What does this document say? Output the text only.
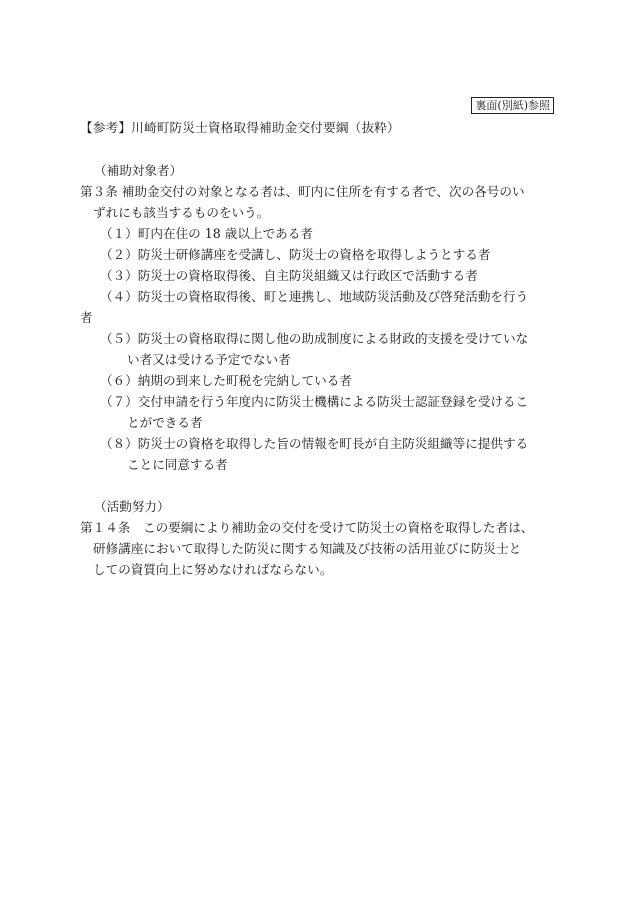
裏面(別紙)参照
【参考】川崎町防災士資格取得補助金交付要綱（抜粋）
（補助対象者）
第３条 補助金交付の対象となる者は、町内に住所を有する者で、次の各号のい
ずれにも該当するものをいう。
（１）町内在住の 18 歳以上である者
（２）防災士研修講座を受講し、防災士の資格を取得しようとする者
（３）防災士の資格取得後、自主防災組織又は行政区で活動する者
（４）防災士の資格取得後、町と連携し、地域防災活動及び啓発活動を行う
者
（５）防災士の資格取得に関し他の助成制度による財政的支援を受けていな
い者又は受ける予定でない者
（６）納期の到来した町税を完納している者
（７）交付申請を行う年度内に防災士機構による防災士認証登録を受けるこ
とができる者
（８）防災士の資格を取得した旨の情報を町長が自主防災組織等に提供する
ことに同意する者
（活動努力）
第１４条　この要綱により補助金の交付を受けて防災士の資格を取得した者は、
研修講座において取得した防災に関する知識及び技術の活用並びに防災士と
しての資質向上に努めなければならない。
